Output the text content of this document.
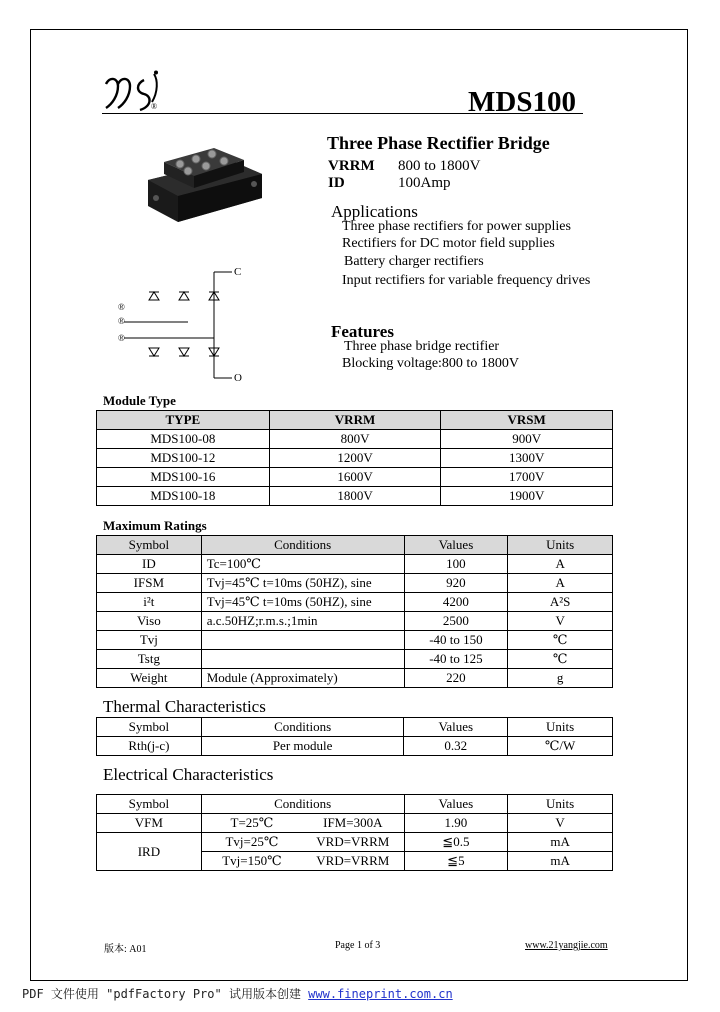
®	MDS100
Three Phase Rectifier Bridge
VRRM 800 to 1800V
ID	100Amp
Applications
Three phase rectifiers for power supplies
Rectifiers for DC motor field supplies
Battery charger rectifiers
Input rectifiers for variable frequency drives
Features
Three phase bridge rectifier
Blocking voltage:800 to 1800V
C
O
®
®
®
Module Type
TYPE	VRRM	VRSM
MDS100-08	800V	900V
MDS100-12	1200V	1300V
MDS100-16	1600V	1700V
MDS100-18	1800V	1900V
Maximum Ratings
Symbol	Conditions	Values	Units
ID	Tc=100℃	100	A
IFSM	Tvj=45℃ t=10ms (50HZ), sine	920	A
i²t	Tvj=45℃ t=10ms (50HZ), sine	4200	A²S
Viso	a.c.50HZ;r.m.s.;1min	2500	V
Tvj		-40 to 150	℃
Tstg		-40 to 125	℃
Weight	Module (Approximately)	220	g
Thermal Characteristics
Symbol	Conditions	Values	Units
Rth(j-c)	Per module	0.32	℃/W
Electrical Characteristics
Symbol	Conditions		Values	Units
VFM	T=25℃	IFM=300A	1.90	V
IRD	Tvj=25℃	VRD=VRRM	≦0.5	mA
	Tvj=150℃	VRD=VRRM	≦5	mA
版本: A01	Page 1 of 3	www.21yangjie.com
PDF 文件使用 "pdfFactory Pro" 试用版本创建 www.fineprint.com.cn
